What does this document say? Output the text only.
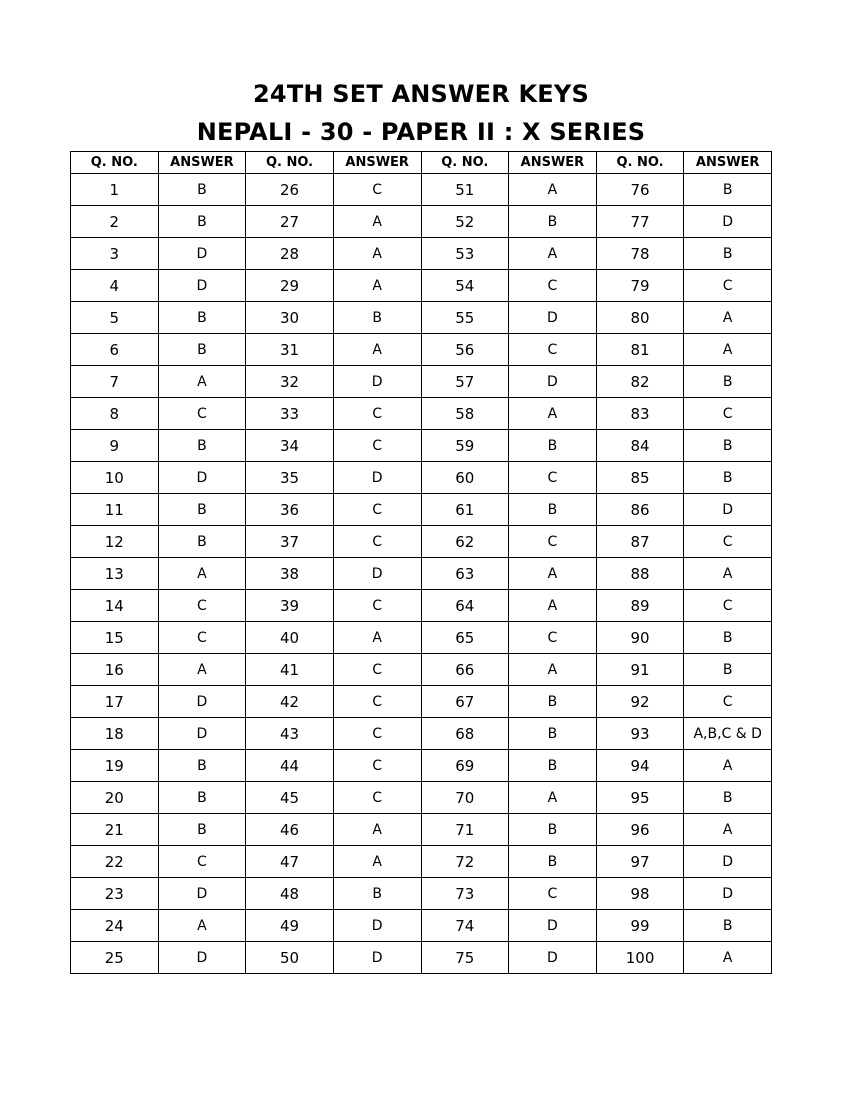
24TH SET ANSWER KEYS
NEPALI - 30 - PAPER II : X SERIES
Q. NO.	ANSWER	Q. NO.	ANSWER	Q. NO.	ANSWER	Q. NO.	ANSWER
1	B	26	C	51	A	76	B
2	B	27	A	52	B	77	D
3	D	28	A	53	A	78	B
4	D	29	A	54	C	79	C
5	B	30	B	55	D	80	A
6	B	31	A	56	C	81	A
7	A	32	D	57	D	82	B
8	C	33	C	58	A	83	C
9	B	34	C	59	B	84	B
10	D	35	D	60	C	85	B
11	B	36	C	61	B	86	D
12	B	37	C	62	C	87	C
13	A	38	D	63	A	88	A
14	C	39	C	64	A	89	C
15	C	40	A	65	C	90	B
16	A	41	C	66	A	91	B
17	D	42	C	67	B	92	C
18	D	43	C	68	B	93	A,B,C & D
19	B	44	C	69	B	94	A
20	B	45	C	70	A	95	B
21	B	46	A	71	B	96	A
22	C	47	A	72	B	97	D
23	D	48	B	73	C	98	D
24	A	49	D	74	D	99	B
25	D	50	D	75	D	100	A
